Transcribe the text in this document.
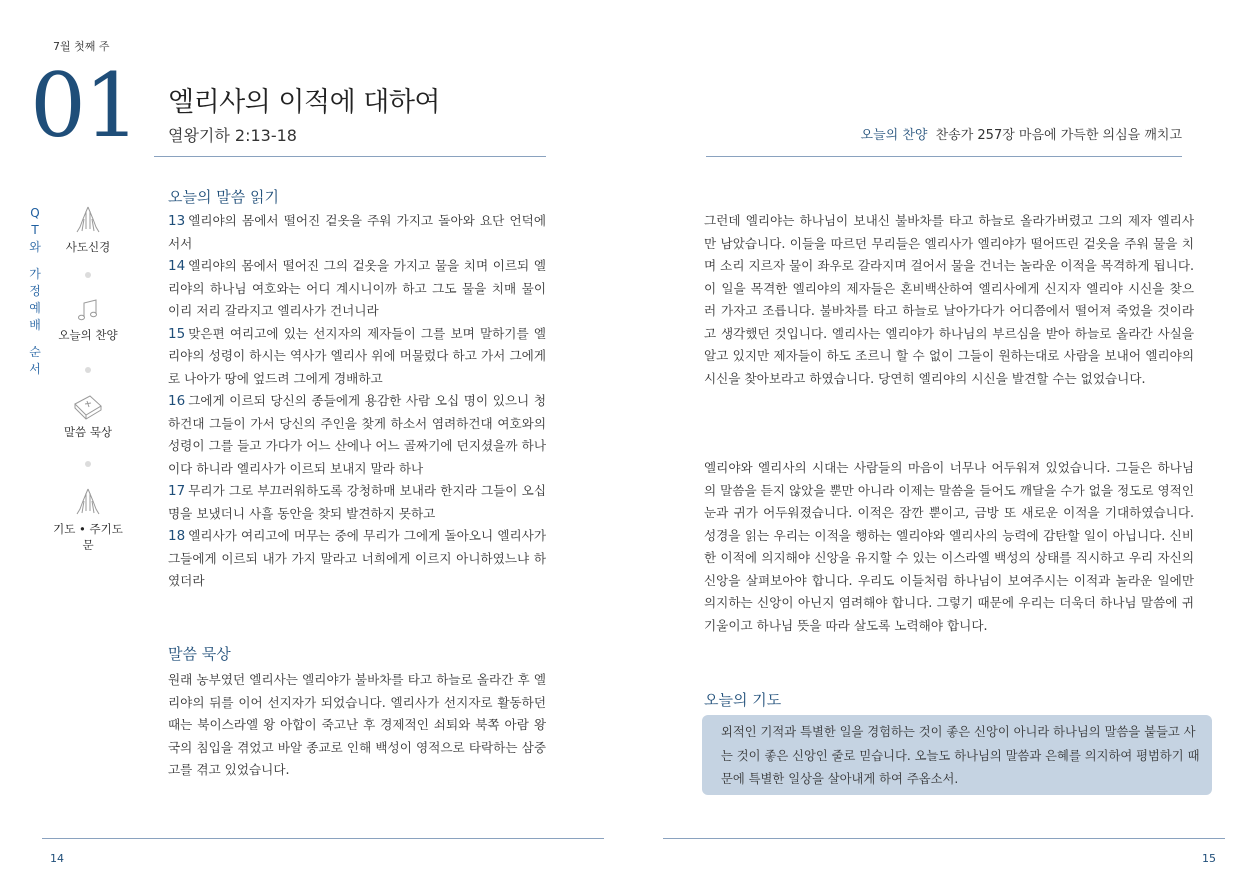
7월 첫째 주
01 엘리사의 이적에 대하여
열왕기하 2:13-18	오늘의 찬양 찬송가 257장 마음에 가득한 의심을 깨치고
Q
T
와
가
정
예
배
순
서
사도신경
오늘의 찬양
말씀 묵상
기도 • 주기도문
오늘의 말씀 읽기
13 엘리야의 몸에서 떨어진 겉옷을 주워 가지고 돌아와 요단 언덕에 서서
14 엘리야의 몸에서 떨어진 그의 겉옷을 가지고 물을 치며 이르되 엘리야의 하나님 여호와는 어디 계시니이까 하고 그도 물을 치매 물이 이리 저리 갈라지고 엘리사가 건너니라
15 맞은편 여리고에 있는 선지자의 제자들이 그를 보며 말하기를 엘리야의 성령이 하시는 역사가 엘리사 위에 머물렀다 하고 가서 그에게로 나아가 땅에 엎드려 그에게 경배하고
16 그에게 이르되 당신의 종들에게 용감한 사람 오십 명이 있으니 청하건대 그들이 가서 당신의 주인을 찾게 하소서 염려하건대 여호와의 성령이 그를 들고 가다가 어느 산에나 어느 골짜기에 던지셨을까 하나이다 하니라 엘리사가 이르되 보내지 말라 하나
17 무리가 그로 부끄러워하도록 강청하매 보내라 한지라 그들이 오십 명을 보냈더니 사흘 동안을 찾되 발견하지 못하고
18 엘리사가 여리고에 머무는 중에 무리가 그에게 돌아오니 엘리사가 그들에게 이르되 내가 가지 말라고 너희에게 이르지 아니하였느냐 하였더라
말씀 묵상
원래 농부였던 엘리사는 엘리야가 불바차를 타고 하늘로 올라간 후 엘리야의 뒤를 이어 선지자가 되었습니다. 엘리사가 선지자로 활동하던 때는 북이스라엘 왕 아합이 죽고난 후 경제적인 쇠퇴와 북쪽 아람 왕국의 침입을 겪었고 바알 종교로 인해 백성이 영적으로 타락하는 삼중고를 겪고 있었습니다.
그런데 엘리야는 하나님이 보내신 불바차를 타고 하늘로 올라가버렸고 그의 제자 엘리사만 남았습니다. 이들을 따르던 무리들은 엘리사가 엘리야가 떨어뜨린 겉옷을 주워 물을 치며 소리 지르자 물이 좌우로 갈라지며 걸어서 물을 건너는 놀라운 이적을 목격하게 됩니다. 이 일을 목격한 엘리야의 제자들은 혼비백산하여 엘리사에게 신지자 엘리야 시신을 찾으러 가자고 조릅니다. 불바차를 타고 하늘로 날아가다가 어디쯤에서 떨어져 죽었을 것이라고 생각했던 것입니다. 엘리사는 엘리야가 하나님의 부르심을 받아 하늘로 올라간 사실을 알고 있지만 제자들이 하도 조르니 할 수 없이 그들이 원하는대로 사람을 보내어 엘리야의 시신을 찾아보라고 하였습니다. 당연히 엘리야의 시신을 발견할 수는 없었습니다.
엘리야와 엘리사의 시대는 사람들의 마음이 너무나 어두워져 있었습니다. 그들은 하나님의 말씀을 듣지 않았을 뿐만 아니라 이제는 말씀을 들어도 깨달을 수가 없을 정도로 영적인 눈과 귀가 어두워졌습니다. 이적은 잠깐 뿐이고, 금방 또 새로운 이적을 기대하였습니다. 성경을 읽는 우리는 이적을 행하는 엘리야와 엘리사의 능력에 감탄할 일이 아닙니다. 신비한 이적에 의지해야 신앙을 유지할 수 있는 이스라엘 백성의 상태를 직시하고 우리 자신의 신앙을 살펴보아야 합니다. 우리도 이들처럼 하나님이 보여주시는 이적과 놀라운 일에만 의지하는 신앙이 아닌지 염려해야 합니다. 그렇기 때문에 우리는 더욱더 하나님 말씀에 귀 기울이고 하나님 뜻을 따라 살도록 노력해야 합니다.
오늘의 기도
외적인 기적과 특별한 일을 경험하는 것이 좋은 신앙이 아니라 하나님의 말씀을 붙들고 사는 것이 좋은 신앙인 줄로 믿습니다. 오늘도 하나님의 말씀과 은혜를 의지하여 평범하기 때문에 특별한 일상을 살아내게 하여 주옵소서.
14	15
